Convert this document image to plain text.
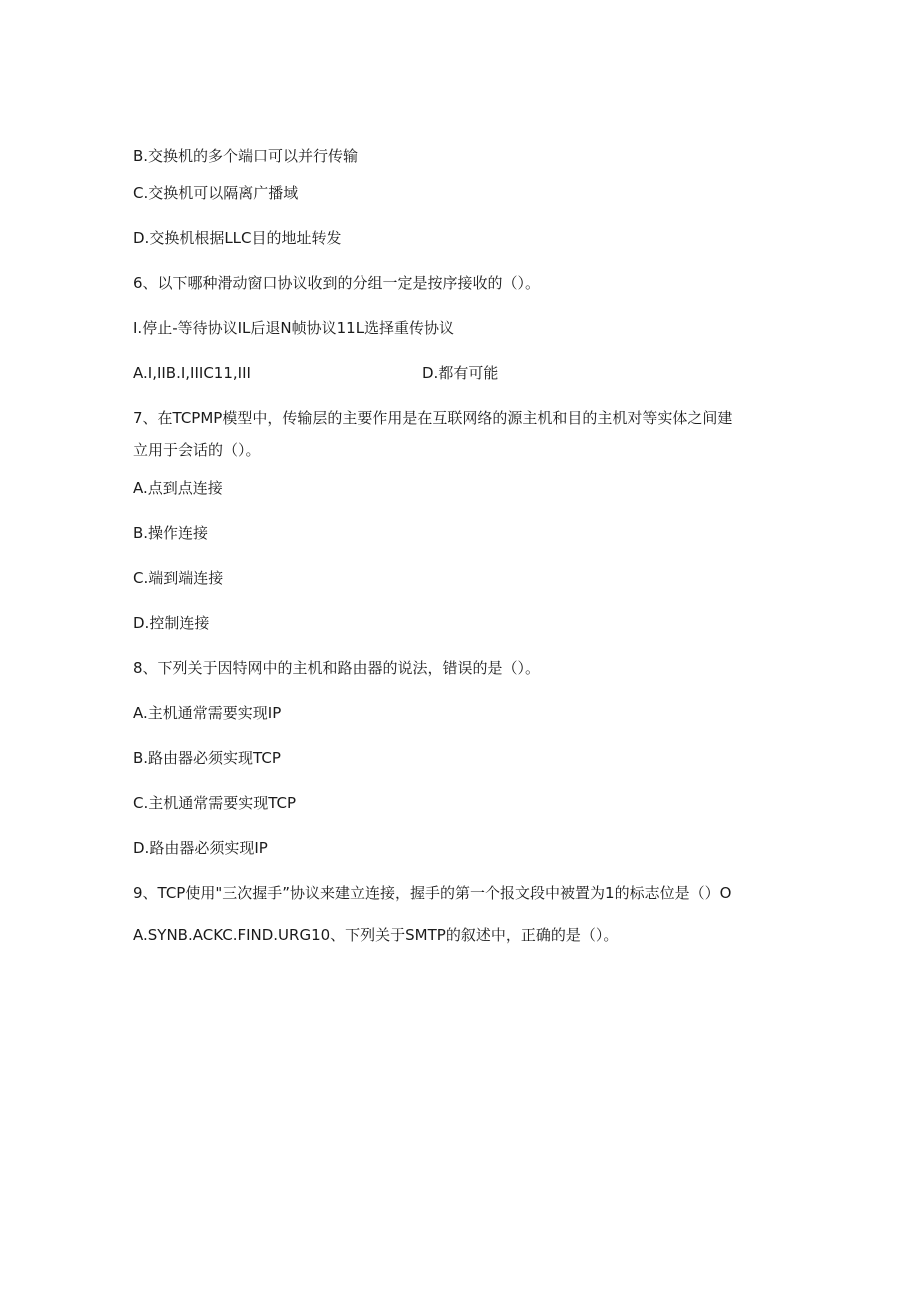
B.交换机的多个端口可以并行传输
C.交换机可以隔离广播域
D.交换机根据LLC目的地址转发
6、以下哪种滑动窗口协议收到的分组一定是按序接收的（）。
I.停止-等待协议IL后退N帧协议11L选择重传协议
A.I,IIB.I,IIIC11,III	D.都有可能
7、在TCPMP模型中，传输层的主要作用是在互联网络的源主机和目的主机对等实体之间建
立用于会话的（）。
A.点到点连接
B.操作连接
C.端到端连接
D.控制连接
8、下列关于因特网中的主机和路由器的说法，错误的是（）。
A.主机通常需要实现IP
B.路由器必须实现TCP
C.主机通常需要实现TCP
D.路由器必须实现IP
9、TCP使用"三次握手”协议来建立连接，握手的第一个报文段中被置为1的标志位是（）O
A.SYNB.ACKC.FIND.URG10、下列关于SMTP的叙述中，正确的是（）。
